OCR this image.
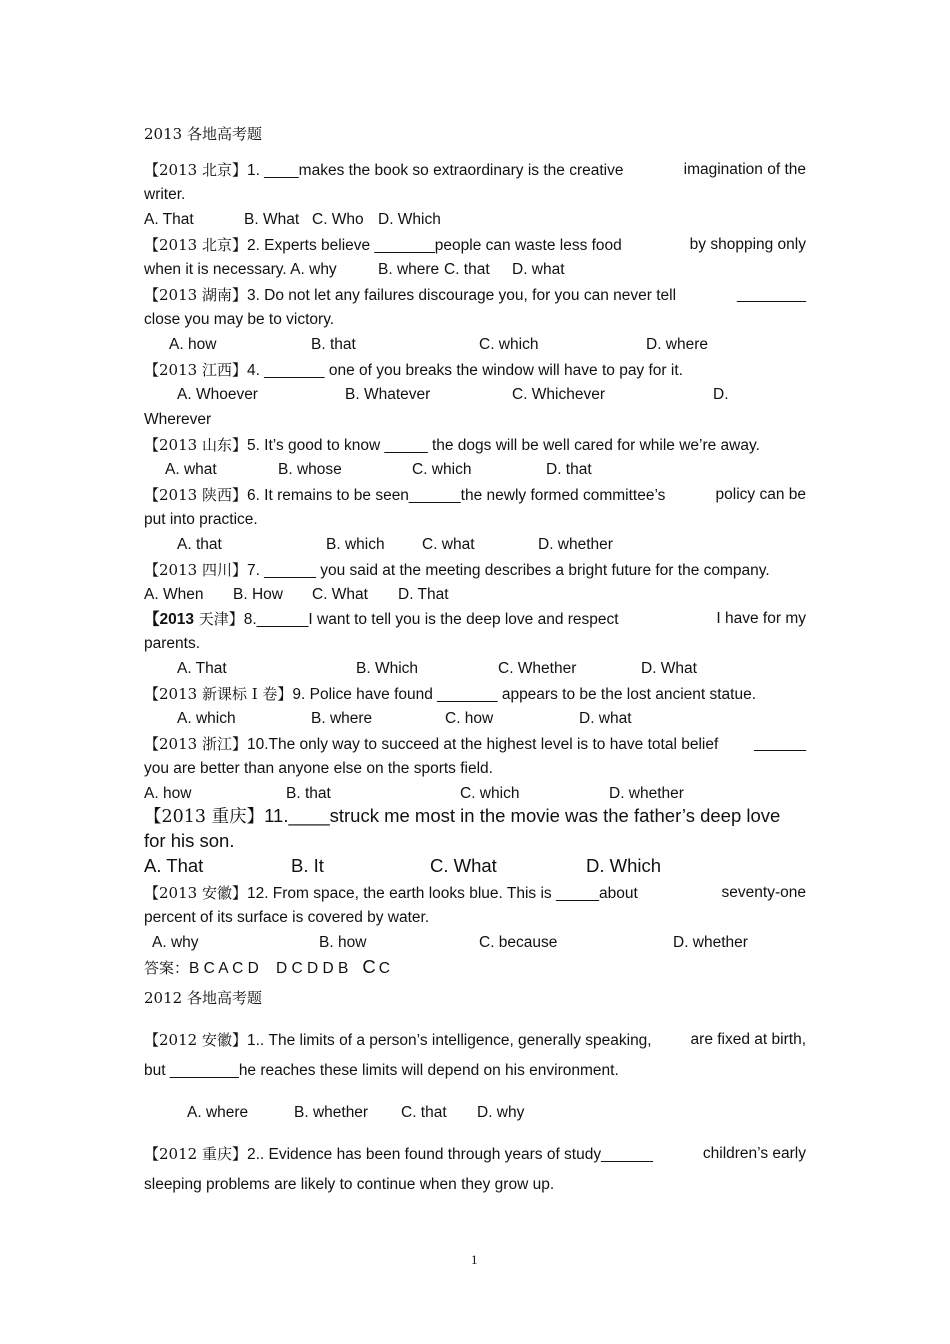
2013 各地高考题
【2013 北京】1. ____makes the book so extraordinary is the creative	imagination of the
writer.
A. That	B. What C. Who D. Which
【2013 北京】2. Experts believe _______people can waste less food	by shopping only
when it is necessary. A. why	B. where C. that D. what
【2013 湖南】3. Do not let any failures discourage you, for you can never tell	________
close you may be to victory.
A. how	B. that	C. which	D. where
【2013 江西】4. _______ one of you breaks the window will have to pay for it.
A. Whoever	B. Whatever	C. Whichever	D.
Wherever
【2013 山东】5. It’s good to know _____ the dogs will be well cared for while we’re away.
A. what	B. whose	C. which	D. that
【2013 陕西】6. It remains to be seen______the newly formed committee’s	policy can be
put into practice.
A. that	B. which C. what	D. whether
【2013 四川】7. ______ you said at the meeting describes a bright future for the company.
A. When B. How C. What D. That
【2013 天津】8.______I want to tell you is the deep love and respect	I have for my
parents.
A. That	B. Which	C. Whether	D. What
【2013 新课标 I 卷】9. Police have found _______ appears to be the lost ancient statue.
A. which	B. where	C. how	D. what
【2013 浙江】10.The only way to succeed at the highest level is to have total belief ______
you are better than anyone else on the sports field.
A. how	B. that	C. which	D. whether
【2013 重庆】11.____struck me most in the movie was the father’s deep love
for his son.
A. That	B. It	C. What	D. Which
【2013 安徽】12. From space, the earth looks blue. This is _____about	seventy-one
percent of its surface is covered by water.
A. why	B. how	C. because	D. whether
答案：B C A C D    D C D D B C C
2012 各地高考题
【2012 安徽】1.. The limits of a person’s intelligence, generally speaking,	are fixed at birth,
but ________he reaches these limits will depend on his environment.
A. where	B. whether C. that D. why
【2012 重庆】2.. Evidence has been found through years of study______	children’s early
sleeping problems are likely to continue when they grow up.
1
